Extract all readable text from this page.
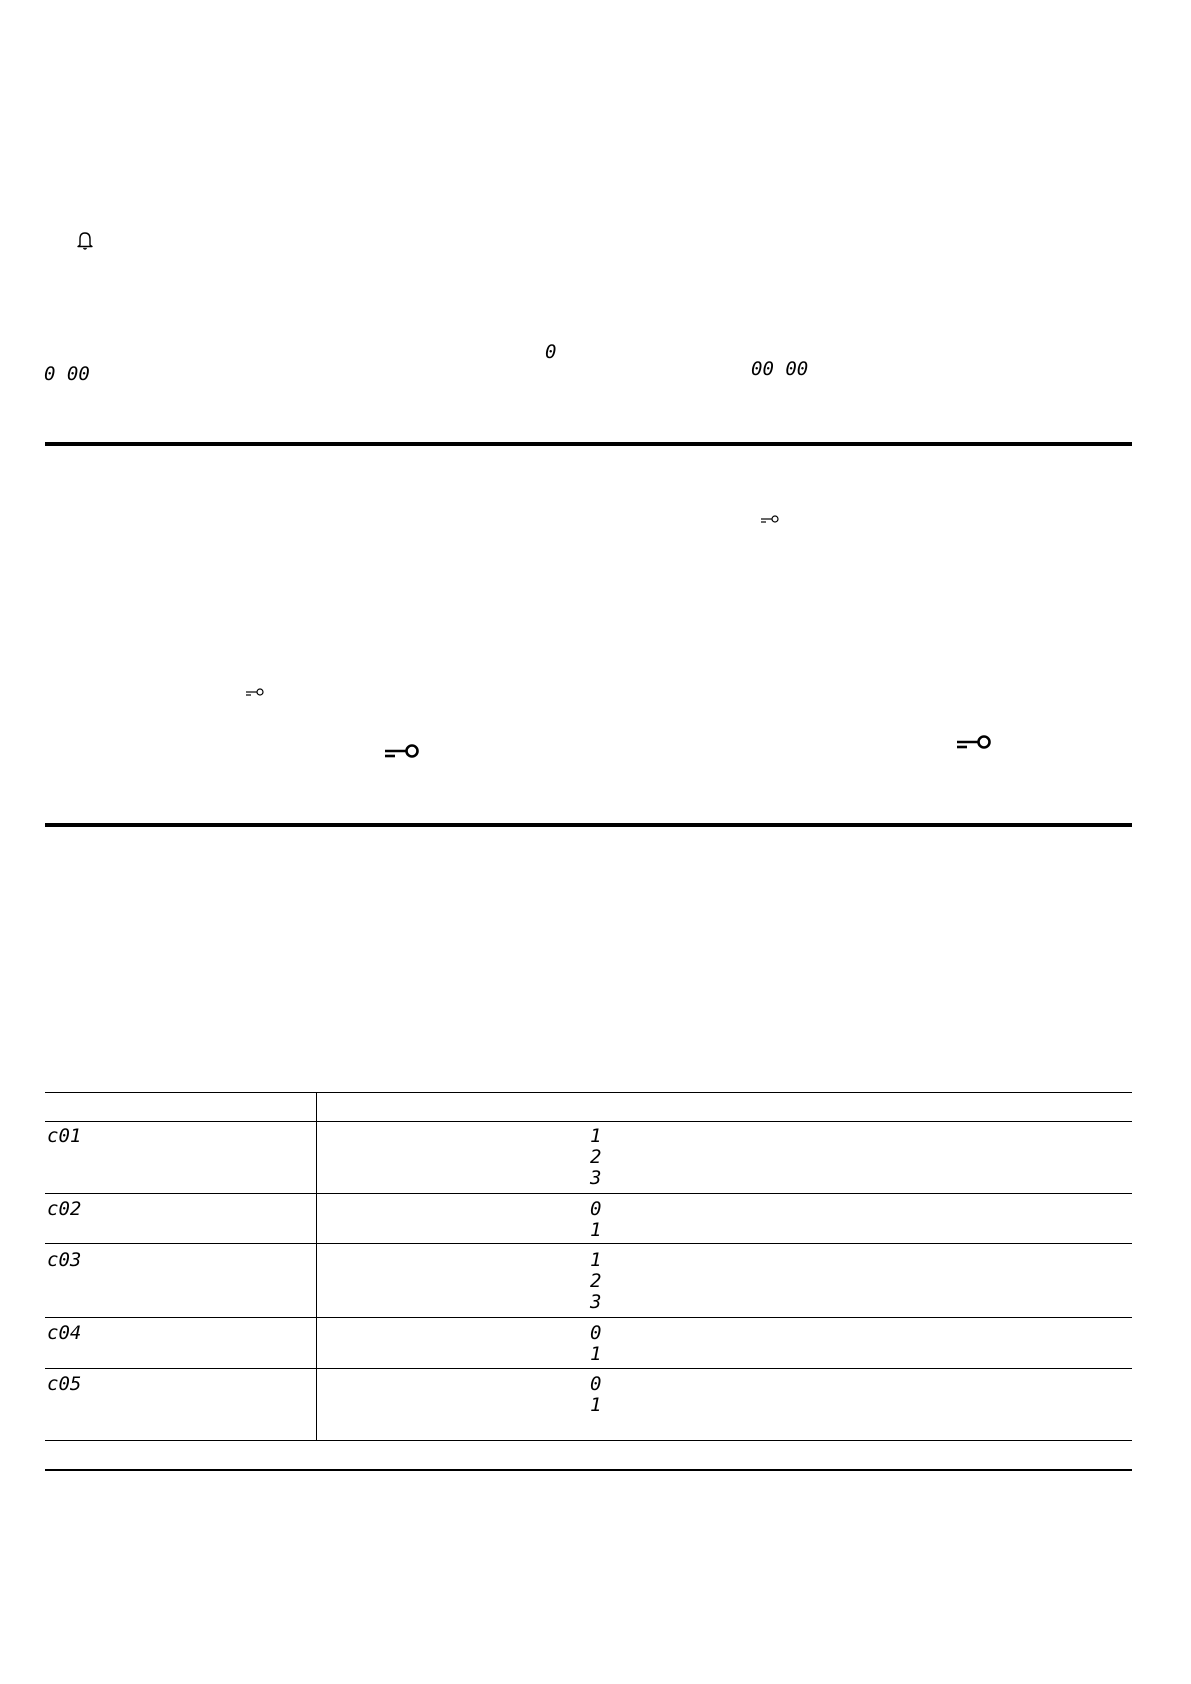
0 00
0
00 00
c01	1
2
3
c02	0
1
c03	1
2
3
c04	0
1
c05	0
1
